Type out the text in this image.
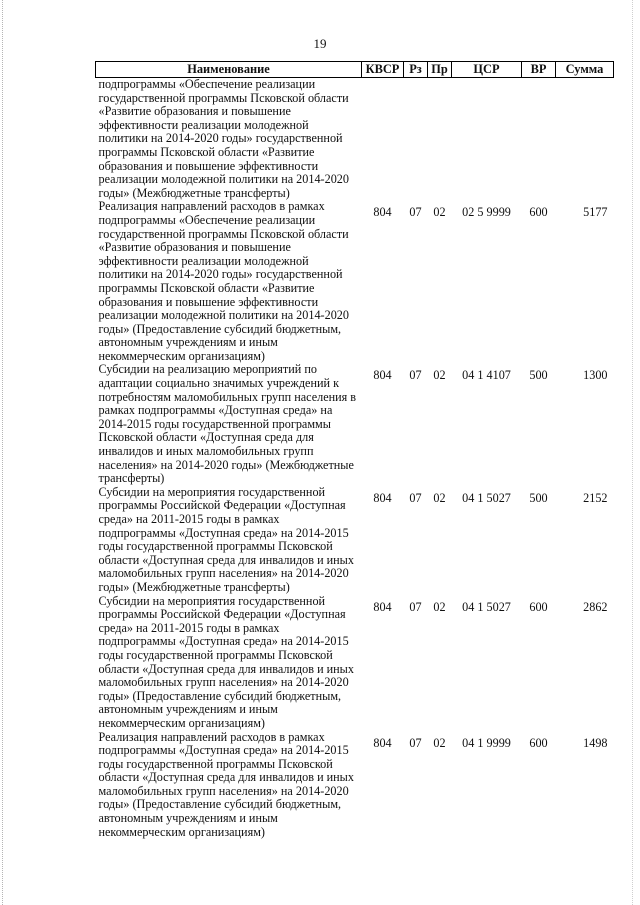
19
Наименование	КВСР	Рз	Пр	ЦСР	ВР	Сумма
подпрограммы «Обеспечение реализации государственной программы Псковской области «Развитие образования и повышение эффективности реализации молодежной политики на 2014-2020 годы» государственной программы Псковской области «Развитие образования и повышение эффективности реализации молодежной политики на 2014-2020 годы» (Межбюджетные трансферты)						
Реализация направлений расходов в рамках подпрограммы «Обеспечение реализации государственной программы Псковской области «Развитие образования и повышение эффективности реализации молодежной политики на 2014-2020 годы» государственной программы Псковской области «Развитие образования и повышение эффективности реализации молодежной политики на 2014-2020 годы» (Предоставление субсидий бюджетным, автономным учреждениям и иным некоммерческим организациям)	804	07	02	02 5 9999	600	5177
Субсидии на реализацию мероприятий по адаптации социально значимых учреждений к потребностям маломобильных групп населения в рамках подпрограммы «Доступная среда» на 2014-2015 годы государственной программы Псковской области «Доступная среда для инвалидов и иных маломобильных групп населения» на 2014-2020 годы» (Межбюджетные трансферты)	804	07	02	04 1 4107	500	1300
Субсидии на мероприятия государственной программы Российской Федерации «Доступная среда» на 2011-2015 годы в рамках подпрограммы «Доступная среда» на 2014-2015 годы государственной программы Псковской области «Доступная среда для инвалидов и иных маломобильных групп населения» на 2014-2020 годы» (Межбюджетные трансферты)	804	07	02	04 1 5027	500	2152
Субсидии на мероприятия государственной программы Российской Федерации «Доступная среда» на 2011-2015 годы в рамках подпрограммы «Доступная среда» на 2014-2015 годы государственной программы Псковской области «Доступная среда для инвалидов и иных маломобильных групп населения» на 2014-2020 годы» (Предоставление субсидий бюджетным, автономным учреждениям и иным некоммерческим организациям)	804	07	02	04 1 5027	600	2862
Реализация направлений расходов в рамках подпрограммы «Доступная среда» на 2014-2015 годы государственной программы Псковской области «Доступная среда для инвалидов и иных маломобильных групп населения» на 2014-2020 годы» (Предоставление субсидий бюджетным, автономным учреждениям и иным некоммерческим организациям)	804	07	02	04 1 9999	600	1498
